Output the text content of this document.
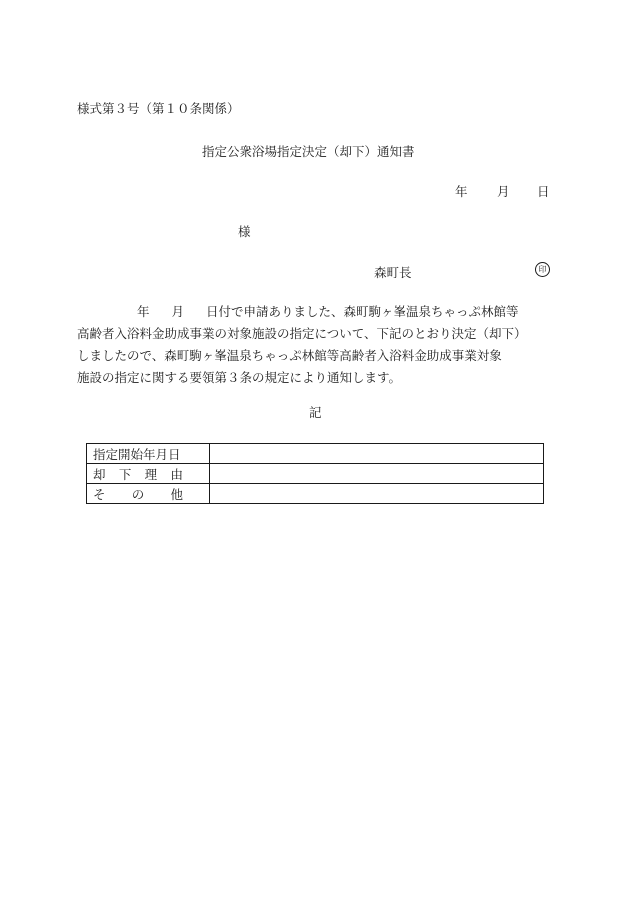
様式第３号（第１０条関係）
指定公衆浴場指定決定（却下）通知書
年 月 日
様
森町長	印
年 月 日付で申請ありました、森町駒ヶ峯温泉ちゃっぷ林館等
高齢者入浴料金助成事業の対象施設の指定について、下記のとおり決定（却下）
しましたので、森町駒ヶ峯温泉ちゃっぷ林館等高齢者入浴料金助成事業対象
施設の指定に関する要領第３条の規定により通知します。
記
指定開始年月日	

却 下 理 由	

そ の 他	
